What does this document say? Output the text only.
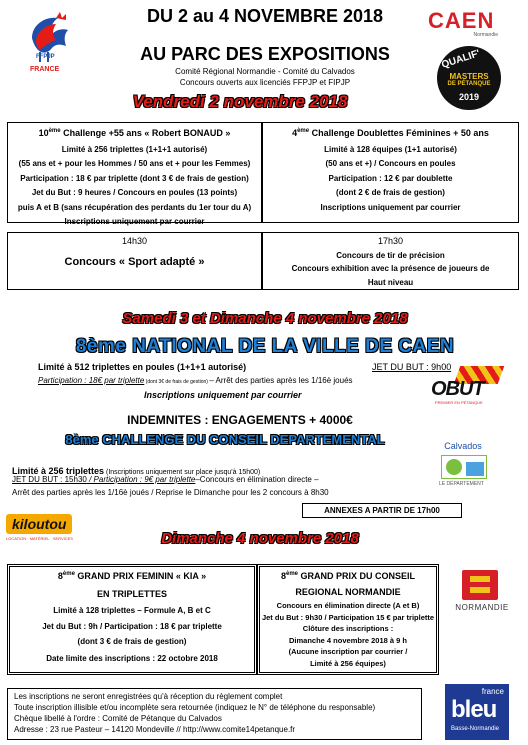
FFPJP
FRANCE
DU 2 au 4 NOVEMBRE 2018
AU PARC DES EXPOSITIONS
Comité Régional Normandie - Comité du Calvados
Concours ouverts aux licenciés FFPJP et FIPJP
CAEN
Normandie
QUALIF'
MASTERS
DE PÉTANQUE
2019
Vendredi 2 novembre 2018
10ème Challenge +55 ans « Robert BONAUD »
Limité à 256 triplettes (1+1+1 autorisé)
(55 ans et + pour les Hommes / 50 ans et + pour les Femmes)
Participation : 18 € par triplette (dont 3 € de frais de gestion)
Jet du But : 9 heures / Concours en poules (13 points)
puis A et B (sans récupération des perdants du 1er tour du A)
Inscriptions uniquement par courrier
4ème Challenge Doublettes Féminines + 50 ans
Limité à 128 équipes (1+1 autorisé)
(50 ans et +) / Concours en poules
Participation : 12 € par doublette
(dont 2 € de frais de gestion)
Inscriptions uniquement par courrier
14h30
Concours « Sport adapté »
17h30
Concours de tir de précision
Concours exhibition avec la présence de joueurs de
Haut niveau
Samedi 3 et Dimanche 4 novembre 2018
8ème NATIONAL DE LA VILLE DE CAEN
Limité à 512 triplettes en poules (1+1+1 autorisé)	JET DU BUT : 9h00
Participation : 18€ par triplette (dont 3€ de frais de gestion) – Arrêt des parties après les 1/16è joués
Inscriptions uniquement par courrier	OBUT
PREMIER EN PÉTANQUE
INDEMNITES : ENGAGEMENTS + 4000€
8ème CHALLENGE DU CONSEIL DEPARTEMENTAL	Calvados
LE DÉPARTEMENT
Limité à 256 triplettes (Inscriptions uniquement sur place jusqu'à 15h00)
JET DU BUT : 15h30 / Participation : 9€ par triplette–Concours en élimination directe –
Arrêt des parties après les 1/16è joués / Reprise le Dimanche pour les 2 concours à 8h30
ANNEXES A PARTIR DE 17h00
kiloutou
LOCATION · MATÉRIEL · SERVICES	Dimanche 4 novembre 2018
8ème GRAND PRIX FEMININ « KIA »
EN TRIPLETTES
Limité à 128 triplettes – Formule A, B et C
Jet du But : 9h / Participation : 18 € par triplette
(dont 3 € de frais de gestion)
Date limite des inscriptions : 22 octobre 2018
8ème GRAND PRIX DU CONSEIL
REGIONAL NORMANDIE
Concours en élimination directe (A et B)
Jet du But : 9h30 / Participation 15 € par triplette
Clôture des inscriptions :
Dimanche 4 novembre 2018 à 9 h
(Aucune inscription par courrier /
Limité à 256 équipes)
NORMANDIE
Les inscriptions ne seront enregistrées qu'à réception du règlement complet
Toute inscription illisible et/ou incomplète sera retournée (indiquez le N° de téléphone du responsable)
Chèque libellé à l'ordre : Comité de Pétanque du Calvados
Adresse : 23 rue Pasteur – 14120 Mondeville // http://www.comite14petanque.fr
france
bleu
Basse-Normandie
